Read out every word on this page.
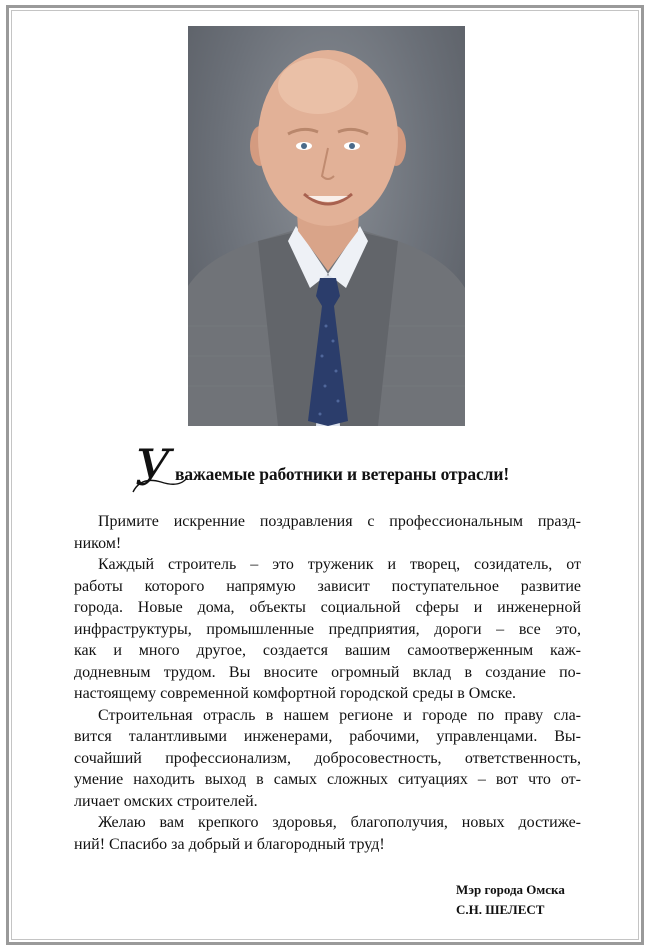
У важаемые работники и ветераны отрасли!
Примите искренние поздравления с профессиональным празд-
ником!
Каждый строитель – это труженик и творец, созидатель, от
работы которого напрямую зависит поступательное развитие
города. Новые дома, объекты социальной сферы и инженерной
инфраструктуры, промышленные предприятия, дороги – все это,
как и много другое, создается вашим самоотверженным каж-
додневным трудом. Вы вносите огромный вклад в создание по-
настоящему современной комфортной городской среды в Омске.
Строительная отрасль в нашем регионе и городе по праву сла-
вится талантливыми инженерами, рабочими, управленцами. Вы-
сочайший профессионализм, добросовестность, ответственность,
умение находить выход в самых сложных ситуациях – вот что от-
личает омских строителей.
Желаю вам крепкого здоровья, благополучия, новых достиже-
ний! Спасибо за добрый и благородный труд!
Мэр города Омска
С.Н. ШЕЛЕСТ
